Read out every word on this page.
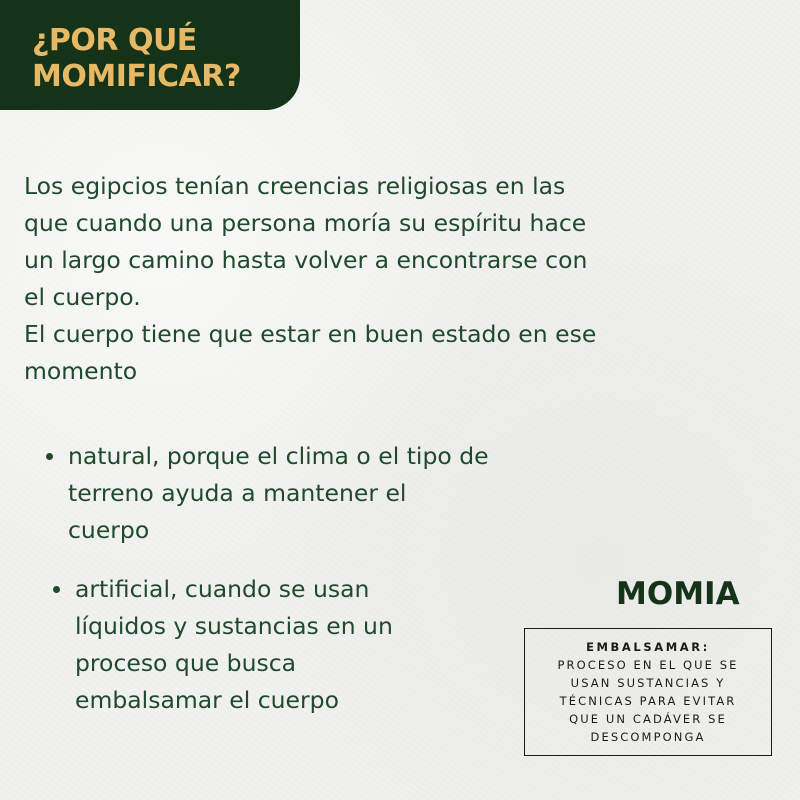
¿POR QUÉ

MOMIFICAR?

Los egipcios tenían creencias religiosas en las
que cuando una persona moría su espíritu hace
un largo camino hasta volver a encontrarse con
el cuerpo.
El cuerpo tiene que estar en buen estado en ese
momento

natural, porque el clima o el tipo de
terreno ayuda a mantener el
cuerpo
artificial, cuando se usan
líquidos y sustancias en un
proceso que busca
embalsamar el cuerpo

MOMIA

EMBALSAMAR:
PROCESO EN EL QUE SE
USAN SUSTANCIAS Y
TÉCNICAS PARA EVITAR
QUE UN CADÁVER SE
DESCOMPONGA
